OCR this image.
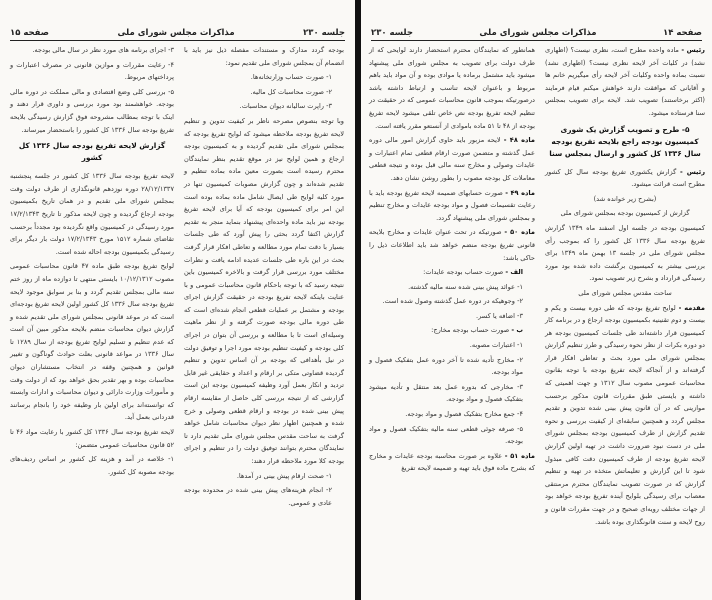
جلسه ۲۳۰
مذاکرات مجلس شورای ملی
صفحه ۱۵

بودجه گردد مدارک و مستندات مفصله ذیل نیز باید با انضمام آن بمجلس شورای ملی تقدیم نمود:

۱- صورت حساب وزارتخانه‌ها.

۲- صورت محاسبات کل مالیه.

۳- راپرت سالیانه دیوان محاسبات.

وبا توجه بنصوص مصرحه ناظر بر کیفیت تدوین و تنظیم لایحه تفریغ بودجه ملاحظه میشود که لوایح تفریغ بودجه که بمجلس شورای ملی تقدیم گردیده و به کمیسیون بودجه ارجاع و همین لوایح نیز در موقع تقدیم بنظر نمایندگان محترم رسیده است بصورت معین ماده بماده تنظیم و تقدیم شده‌اند و چون گزارش مصوبات کمیسیون تنها در مورد کلیه لوایح طی ایصال شامل ماده بماده بوده است این امر برای کمیسیون بودجه که آیا برای لایحه تفریغ بودجه نیز باید ماده واحده‌ای پیشنهاد بنماید منجر به تقدیم گزارش اکتفا گردد بحثی را پیش آورد که طی جلسات بسیار با دقت تمام مورد مطالعه و تعاطی افکار قرار گرفت بحث در این باره طی جلسات عدیده ادامه یافت و نظرات مختلف مورد بررسی قرار گرفت و بالاخره کمیسیون باین نتیجه رسید که با توجه باحکام قانون محاسبات عمومی و با عنایت باینکه لایحه تفریغ بودجه در حقیقت گزارش اجرای بودجه و مشتمل بر عملیات قطعی انجام شده‌ای است که طی دوره مالی بودجه صورت گرفته و از نظر ماهیت وسیله‌ای است تا با مطالعه و بررسی آن بتوان در اجرای کلی بودجه و کیفیت تنظیم بودجه مورد اجرا و توفیق دولت در نیل بأهدافی که بودجه بر آن اساس تدوین و تنظیم گردیده قضاوتی متکی بر ارقام و اعداد و حقایقی غیر قابل تردید و انکار بعمل آورد وظیفه کمیسیون بودجه این است گزارشی که از نتیجه بررسی کلی حاصل از مقایسه ارقام پیش بینی شده در بودجه و ارقام قطعی وصولی و خرج شده و همچنین اظهار نظر دیوان محاسبات شامل خواهد گرفت به ساحت مقدس مجلس شورای ملی تقدیم دارد تا نمایندگان محترم بتوانند توفیق دولت را در تنظیم و اجرای بودجه کلا مورد ملاحظه قرار دهند:

۱- صحت ارقام پیش بینی در آمدها.

۲- انجام هزینه‌های پیش بینی شده در محدوده بودجه عادی و عمومی.

۳- اجرای برنامه های مورد نظر در سال مالی بودجه.

۴- رعایت مقررات و موازین قانونی در مصرف اعتبارات و پرداختهای مربوط.

۵- بررسی کلی وضع اقتصادی و مالی مملکت در دوره مالی بودجه. خواهشمند بود مورد بررسی و داوری قرار دهند و اینک با توجه بمطالب مشروحه فوق گزارش رسیدگی بلایحه تفریغ بودجه سال ۱۳۳۶ کل کشور را باستحضار میرساند.

گزارش لایحه تفریغ بودجه سال ۱۳۳۶ کل کشور

لایحه تفریغ بودجه سال ۱۳۳۶ کل کشور در جلسه پنجشنبه ۲۸/۱۲/۱۳۳۷ دوره نوزدهم قانونگذاری از طرف دولت وقت بمجلس شورای ملی تقدیم و در همان تاریخ بکمیسیون بودجه ارجاع گردیده و چون لایحه مذکور تا تاریخ ۱۷/۲/۱۳۴۳ مورد رسیدگی در کمیسیون واقع نگردیده بود مجدداً برحسب تقاضای شماره ۱۵۱۲ مورخ ۱۷/۲/۱۳۴۳ دولت بار دیگر برای رسیدگی بکمیسیون بودجه احاله شده است.

لوایح تفریغ بودجه طبق ماده ۴۷ قانون محاسبات عمومی مصوب ۱۰/۱۲/۱۳۱۲ بایستی منتهی تا دوازده ماه از روز ختم سنه مالی بمجلس تقدیم گردد و بنا بر سوابق موجود لایحه تفریغ بودجه سال ۱۳۳۶ کل کشور اولین لایحه تفریغ بودجه‌ای است که در موعد قانونی بمجلس شورای ملی تقدیم شده و گزارش دیوان محاسبات منضم بلایحه مذکور مبین آن است که عدم تنظیم و تسلیم لوایح تفریغ بودجه از سال ۱۲۸۹ تا سال ۱۳۳۶ در مواعد قانونی بعلت حوادث گوناگون و تغییر قوانین و همچنین وقفه در انتخاب مستشاران دیوان محاسبات بوده و بهر تقدیر بحق خواهد بود که از دولت وقت و مأمورات وزارت دارائی و دیوان محاسبات و ادارات وابسته که توانسته‌اند برای اولین بار وظیفه خود را بانجام برسانند قدردانی بعمل آید.

لایحه تفریغ بودجه سال ۱۳۳۶ کل کشور با رعایت مواد ۴۶ تا ۵۲ قانون محاسبات عمومی متضمن:

۱- خلاصه در آمد و هزینه کل کشور بر اساس ردیف‌های بودجه مصوبه کل کشور.

صفحه ۱۴
مذاکرات مجلس شورای ملی
جلسه ۲۳۰

رئیس - ماده واحده مطرح است، نظری نیست؟ (اظهاری نشد) در کلیات آخر لایحه نظری نیست؟ (اظهاری نشد) نسبت بماده واحده وکلیات آخر لایحه رأی میگیریم خانم ها و آقایانی که موافقت دارند خواهش میکنم قیام فرمایند (اکثر برخاستند) تصویب شد. لایحه برای تصویب بمجلس سنا فرستاده میشود.

۵- طرح و تصویب گزارش یک شوری کمیسیون بودجه راجع بلایحه تفریغ بودجه سال ۱۳۳۶ کل کشور و ارسال بمجلس سنا

رئیس - گزارش یکشوری تفریغ بودجه سال کل کشور مطرح است قرائت میشود.

(بشرح زیر خوانده شد)

گزارش از کمیسیون بودجه بمجلس شورای ملی

کمیسیون بودجه در جلسه اول اسفند ماه ۱۳۴۹ گزارش تفریغ بودجه سال ۱۳۳۶ کل کشور را که بموجب رأی مجلس شورای ملی در جلسه ۱۳ بهمن ماه ۱۳۴۹ برای بررسی بیشتر به کمیسیون برگشت داده شده بود مورد رسیدگی قرارداد و بشرح زیر تصویب نمود.

ساحت مقدس مجلس شورای ملی

مقدمه - لوایح تفریغ بودجه که طی دوره بیست و یکم و بیست و دوم تقنینیه بکمیسیون بودجه ارجاع و در برنامه کار کمیسیون قرار داشته‌اند طی جلسات کمیسیون بودجه هر دو دوره بکرات از نظر نحوه رسیدگی و طرز تنظیم گزارش بمجلس شورای ملی مورد بحث و تعاطی افکار قرار گرفته‌اند و از آنجاکه لایحه تفریغ بودجه با توجه بقانون محاسبات عمومی مصوب سال ۱۳۱۲ و جهت اهمیتی که داشته و بایستی طبق مقررات قانون مذکور برحسب موازینی که در آن قانون پیش بینی شده تدوین و تقدیم مجلس گردد و همچنین سابقه‌ای از کیفیت بررسی و نحوه تقدیم گزارش از طرف کمیسیون بودجه بمجلس شورای ملی در دست نبود ضرورت داشت در تهیه اولین گزارش لایحه تفریغ بودجه از طرف کمیسیون دقت کافی مبذول شود تا این گزارش و تعلیماتش متخذه در تهیه و تنظیم گزارش که در صورت تصویب نمایندگان محترم مرمنتقی معصاب برای رسیدگی بلوایح آینده تفریغ بودجه خواهد بود از جهات مختلف رویه‌ای صحیح و در جهت مقررات قانون و روح لایحه و سنت قانونگذاری بوده باشد.

همانطور که نمایندگان محترم استحضار دارند لوایحی که از طرف دولت برای تصویب به مجلس شورای ملی پیشنهاد میشود باید مشتمل برماده یا موادی بوده و آن مواد باید باهم مربوط و باعنوان لایحه تناسب و ارتباط داشته باشد درصورتیکه بموجب قانون محاسبات عمومی که در حقیقت در تنظیم لایحه تفریغ بودجه نص خاص تلقی میشود لایحه تفریغ بودجه از ۴۸ تا ۵۱ ماده باموادی از آنستعو مقرر یافته است.

ماده ۴۸ - لایحه مزبور باید حاوی گزارش امور مالی دوره عمل گذشته و متضمن صورت ارقام قطعی تمام اعتبارات و عایدات وصولی و مخارج سنه مالی قبل بوده و نتیجه قطعی معاملات کل بودجه مصوب را بطور روشن نشان دهد.

ماده ۴۹ - صورت حسابهای ضمیمه لایحه تفریغ بودجه باید با رعایت تقسیمات فصول و مواد بودجه عایدات و مخارج تنظیم و بمجلس شورای ملی پیشنهاد گردد.

ماده ۵۰ - صورتیکه در تحت عنوان عایدات و مخارج بلایحه قانونی تفریغ بودجه منضم خواهد شد باید اطلاعات ذیل را حاکی باشد:

الف - صورت حساب بودجه عایدات:

۱- عوائد پیش بینی شده سنه مالیه گذشته.

۲- وجوهیکه در دوره عمل گذشته وصول شده است.

۳- اضافه یا کسر.

ب - صورت حساب بودجه مخارج:

۱- اعتبارات مصوبه.

۲- مخارج تأدیه شده تا آخر دوره عمل بتفکیک فصول و مواد بودجه.

۳- مخارجی که بدوره عمل بعد منتقل و تأدیه میشود بتفکیک فصول و مواد بودجه.

۴- جمع مخارج بتفکیک فصول و مواد بودجه.

۵- صرفه جوئی قطعی سنه مالیه بتفکیک فصول و مواد بودجه.

ماده ۵۱ - علاوه بر صورت محاسبه بودجه عایدات و مخارج که بشرح ماده فوق باید تهیه و ضمیمه لایحه تفریغ
